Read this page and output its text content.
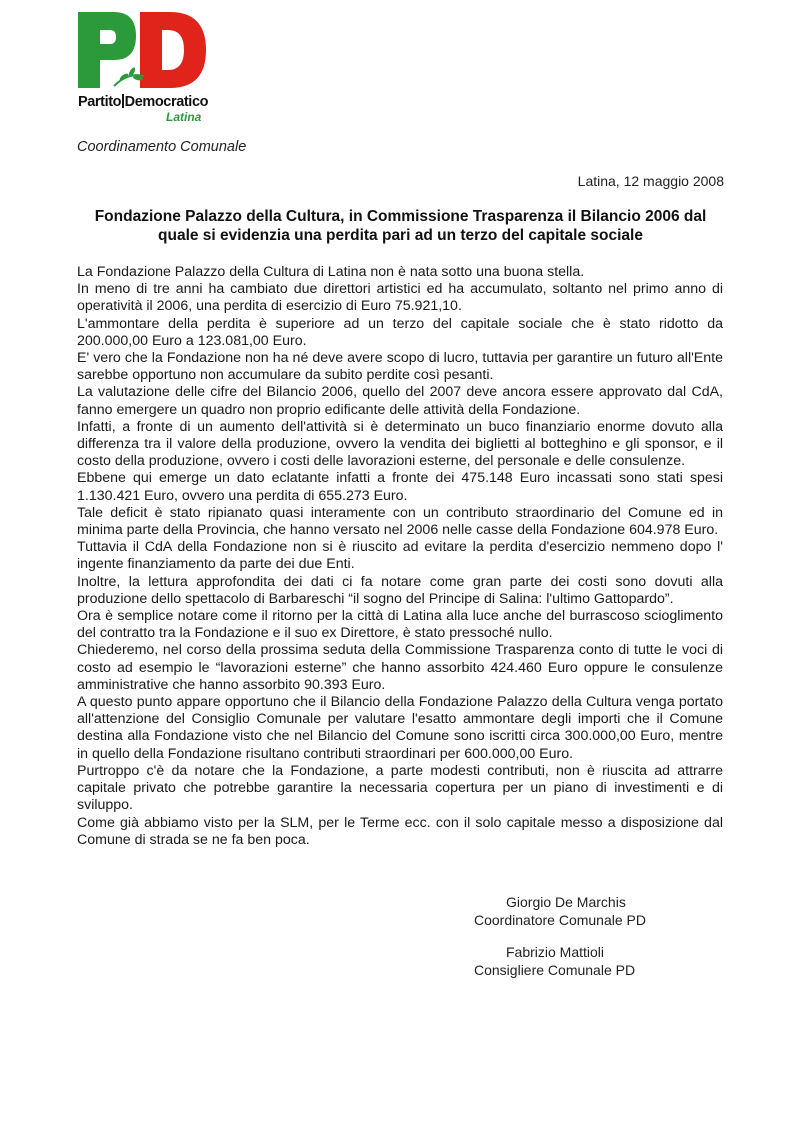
Partito Democratico
Latina
Coordinamento Comunale
Latina, 12 maggio 2008
Fondazione Palazzo della Cultura, in Commissione Trasparenza il Bilancio 2006 dal quale si evidenzia una perdita pari ad un terzo del capitale sociale

La Fondazione Palazzo della Cultura di Latina non è nata sotto una buona stella.

In meno di tre anni ha cambiato due direttori artistici ed ha accumulato, soltanto nel primo anno di operatività il 2006, una perdita di esercizio di Euro 75.921,10.

L'ammontare della perdita è superiore ad un terzo del capitale sociale che è stato ridotto da 200.000,00 Euro a 123.081,00 Euro.

E' vero che la Fondazione non ha né deve avere scopo di lucro, tuttavia per garantire un futuro all'Ente sarebbe opportuno non accumulare da subito perdite così pesanti.

La valutazione delle cifre del Bilancio 2006, quello del 2007 deve ancora essere approvato dal CdA, fanno emergere un quadro non proprio edificante delle attività della Fondazione.

Infatti, a fronte di un aumento dell'attività si è determinato un buco finanziario enorme dovuto alla differenza tra il valore della produzione, ovvero la vendita dei biglietti al botteghino e gli sponsor, e il costo della produzione, ovvero i costi delle lavorazioni esterne, del personale e delle consulenze.

Ebbene qui emerge un dato eclatante infatti a fronte dei 475.148 Euro incassati sono stati spesi 1.130.421 Euro, ovvero una perdita di 655.273 Euro.

Tale deficit è stato ripianato quasi interamente con un contributo straordinario del Comune ed in minima parte della Provincia, che hanno versato nel 2006 nelle casse della Fondazione 604.978 Euro.

Tuttavia il CdA della Fondazione non si è riuscito ad evitare la perdita d'esercizio nemmeno dopo l' ingente finanziamento da parte dei due Enti.

Inoltre, la lettura approfondita dei dati ci fa notare come gran parte dei costi sono dovuti alla produzione dello spettacolo di Barbareschi “il sogno del Principe di Salina: l'ultimo Gattopardo”.

Ora è semplice notare come il ritorno per la città di Latina alla luce anche del burrascoso scioglimento del contratto tra la Fondazione e il suo ex Direttore, è stato pressoché nullo.

Chiederemo, nel corso della prossima seduta della Commissione Trasparenza conto di tutte le voci di costo ad esempio le “lavorazioni esterne” che hanno assorbito 424.460 Euro oppure le consulenze amministrative che hanno assorbito 90.393 Euro.

A questo punto appare opportuno che il Bilancio della Fondazione Palazzo della Cultura venga portato all'attenzione del Consiglio Comunale per valutare l'esatto ammontare degli importi che il Comune destina alla Fondazione visto che nel Bilancio del Comune sono iscritti circa 300.000,00 Euro, mentre in quello della Fondazione risultano contributi straordinari per 600.000,00 Euro.

Purtroppo c'è da notare che la Fondazione, a parte modesti contributi, non è riuscita ad attrarre capitale privato che potrebbe garantire la necessaria copertura per un piano di investimenti e di sviluppo.

Come già abbiamo visto per la SLM, per le Terme ecc. con il solo capitale messo a disposizione dal Comune di strada se ne fa ben poca.

Giorgio De Marchis
Coordinatore Comunale PD
Fabrizio Mattioli
Consigliere Comunale PD
